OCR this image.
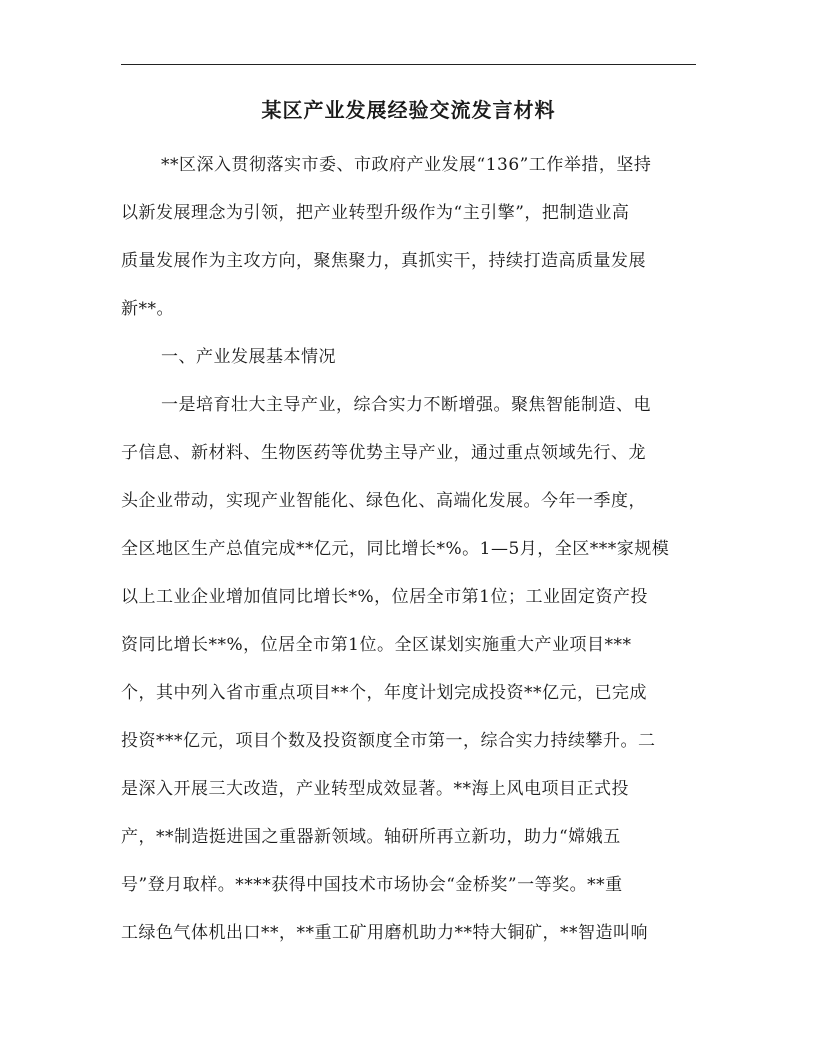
某区产业发展经验交流发言材料
**区深入贯彻落实市委、市政府产业发展“136”工作举措，坚持
以新发展理念为引领，把产业转型升级作为“主引擎”，把制造业高
质量发展作为主攻方向，聚焦聚力，真抓实干，持续打造高质量发展
新**。
一、产业发展基本情况
一是培育壮大主导产业，综合实力不断增强。聚焦智能制造、电
子信息、新材料、生物医药等优势主导产业，通过重点领域先行、龙
头企业带动，实现产业智能化、绿色化、高端化发展。今年一季度，
全区地区生产总值完成**亿元，同比增长*%。1—5月，全区***家规模
以上工业企业增加值同比增长*%，位居全市第1位；工业固定资产投
资同比增长**%，位居全市第1位。全区谋划实施重大产业项目***
个，其中列入省市重点项目**个，年度计划完成投资**亿元，已完成
投资***亿元，项目个数及投资额度全市第一，综合实力持续攀升。二
是深入开展三大改造，产业转型成效显著。**海上风电项目正式投
产，**制造挺进国之重器新领域。轴研所再立新功，助力“嫦娥五
号”登月取样。****获得中国技术市场协会“金桥奖”一等奖。**重
工绿色气体机出口**，**重工矿用磨机助力**特大铜矿，**智造叫响
